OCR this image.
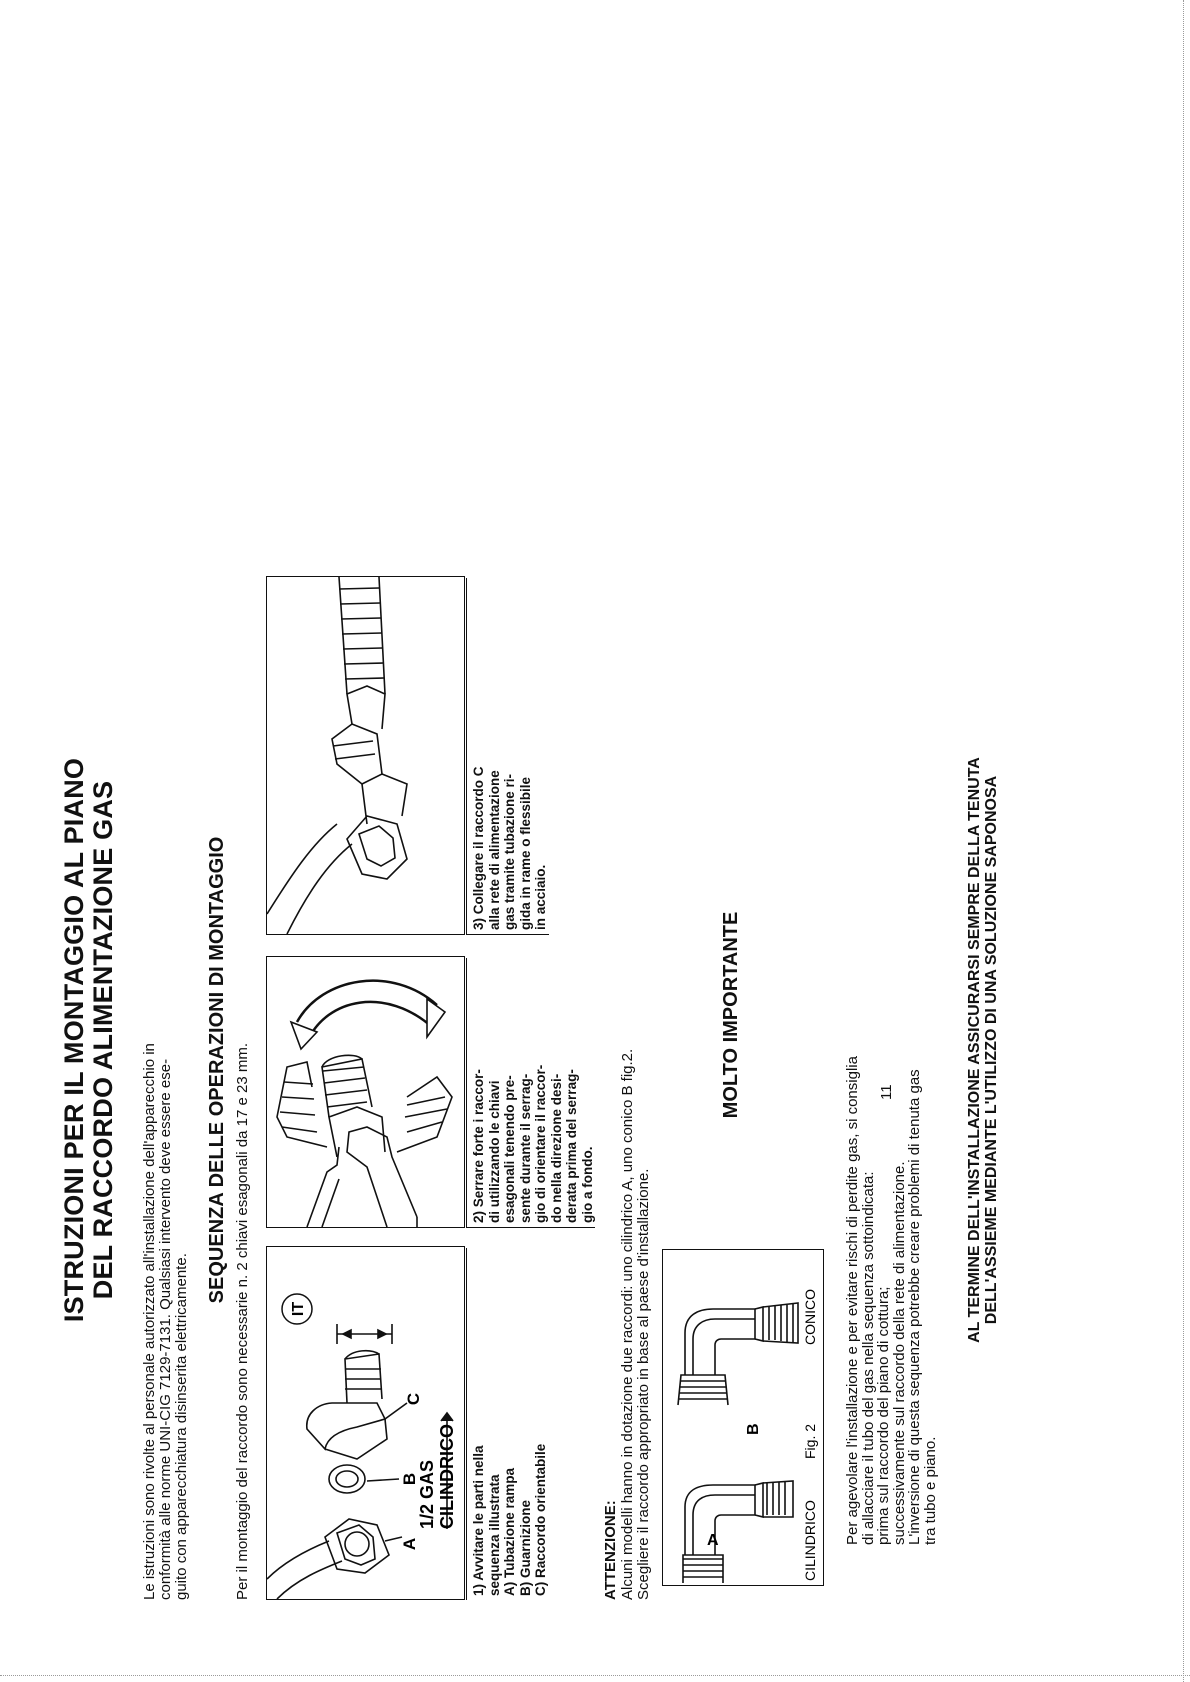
ISTRUZIONI PER IL MONTAGGIO AL PIANO DEL RACCORDO ALIMENTAZIONE GAS
Le istruzioni sono rivolte al personale autorizzato all'installazione dell'apparecchio in conformità alle norme UNI-CIG 7129-7131. Qualsiasi intervento deve essere ese- guito con apparecchiatura disinserita elettricamente.
SEQUENZA DELLE OPERAZIONI DI MONTAGGIO Per il montaggio del raccordo sono necessarie n. 2 chiavi esagonali da 17 e 23 mm. IT
A
B
C
1/2 GAS CILINDRICO 1) Avvitare le parti nella sequenza illustrata A) Tubazione rampa B) Guarnizione C) Raccordo orientabile
2) Serrare forte i raccor- di utilizzando le chiavi esagonali tenendo pre- sente durante il serrag- gio di orientare il raccor- do nella direzione desi- derata prima del serrag- gio a fondo.
3) Collegare il raccordo C alla rete di alimentazione gas tramite tubazione ri- gida in rame o flessibile in acciaio.
ATTENZIONE: Alcuni modelli hanno in dotazione due raccordi: uno cilindrico A, uno conico B fig.2. Scegliere il raccordo appropriato in base al paese d'installazione.	A
B
CILINDRICO
Fig. 2
CONICO
MOLTO IMPORTANTE
Per agevolare l'installazione e per evitare rischi di perdite gas, si consiglia
di allacciare il tubo del gas nella sequenza sottoindicata:
prima sul raccordo del piano di cottura;
successivamente sul raccordo della rete di alimentazione.
L'inversione di questa sequenza potrebbe creare problemi di tenuta gas
tra tubo e piano.
11	AL TERMINE DELL'INSTALLAZIONE ASSICURARSI SEMPRE DELLA TENUTA DELL'ASSIEME MEDIANTE L'UTILIZZO DI UNA SOLUZIONE SAPONOSA
